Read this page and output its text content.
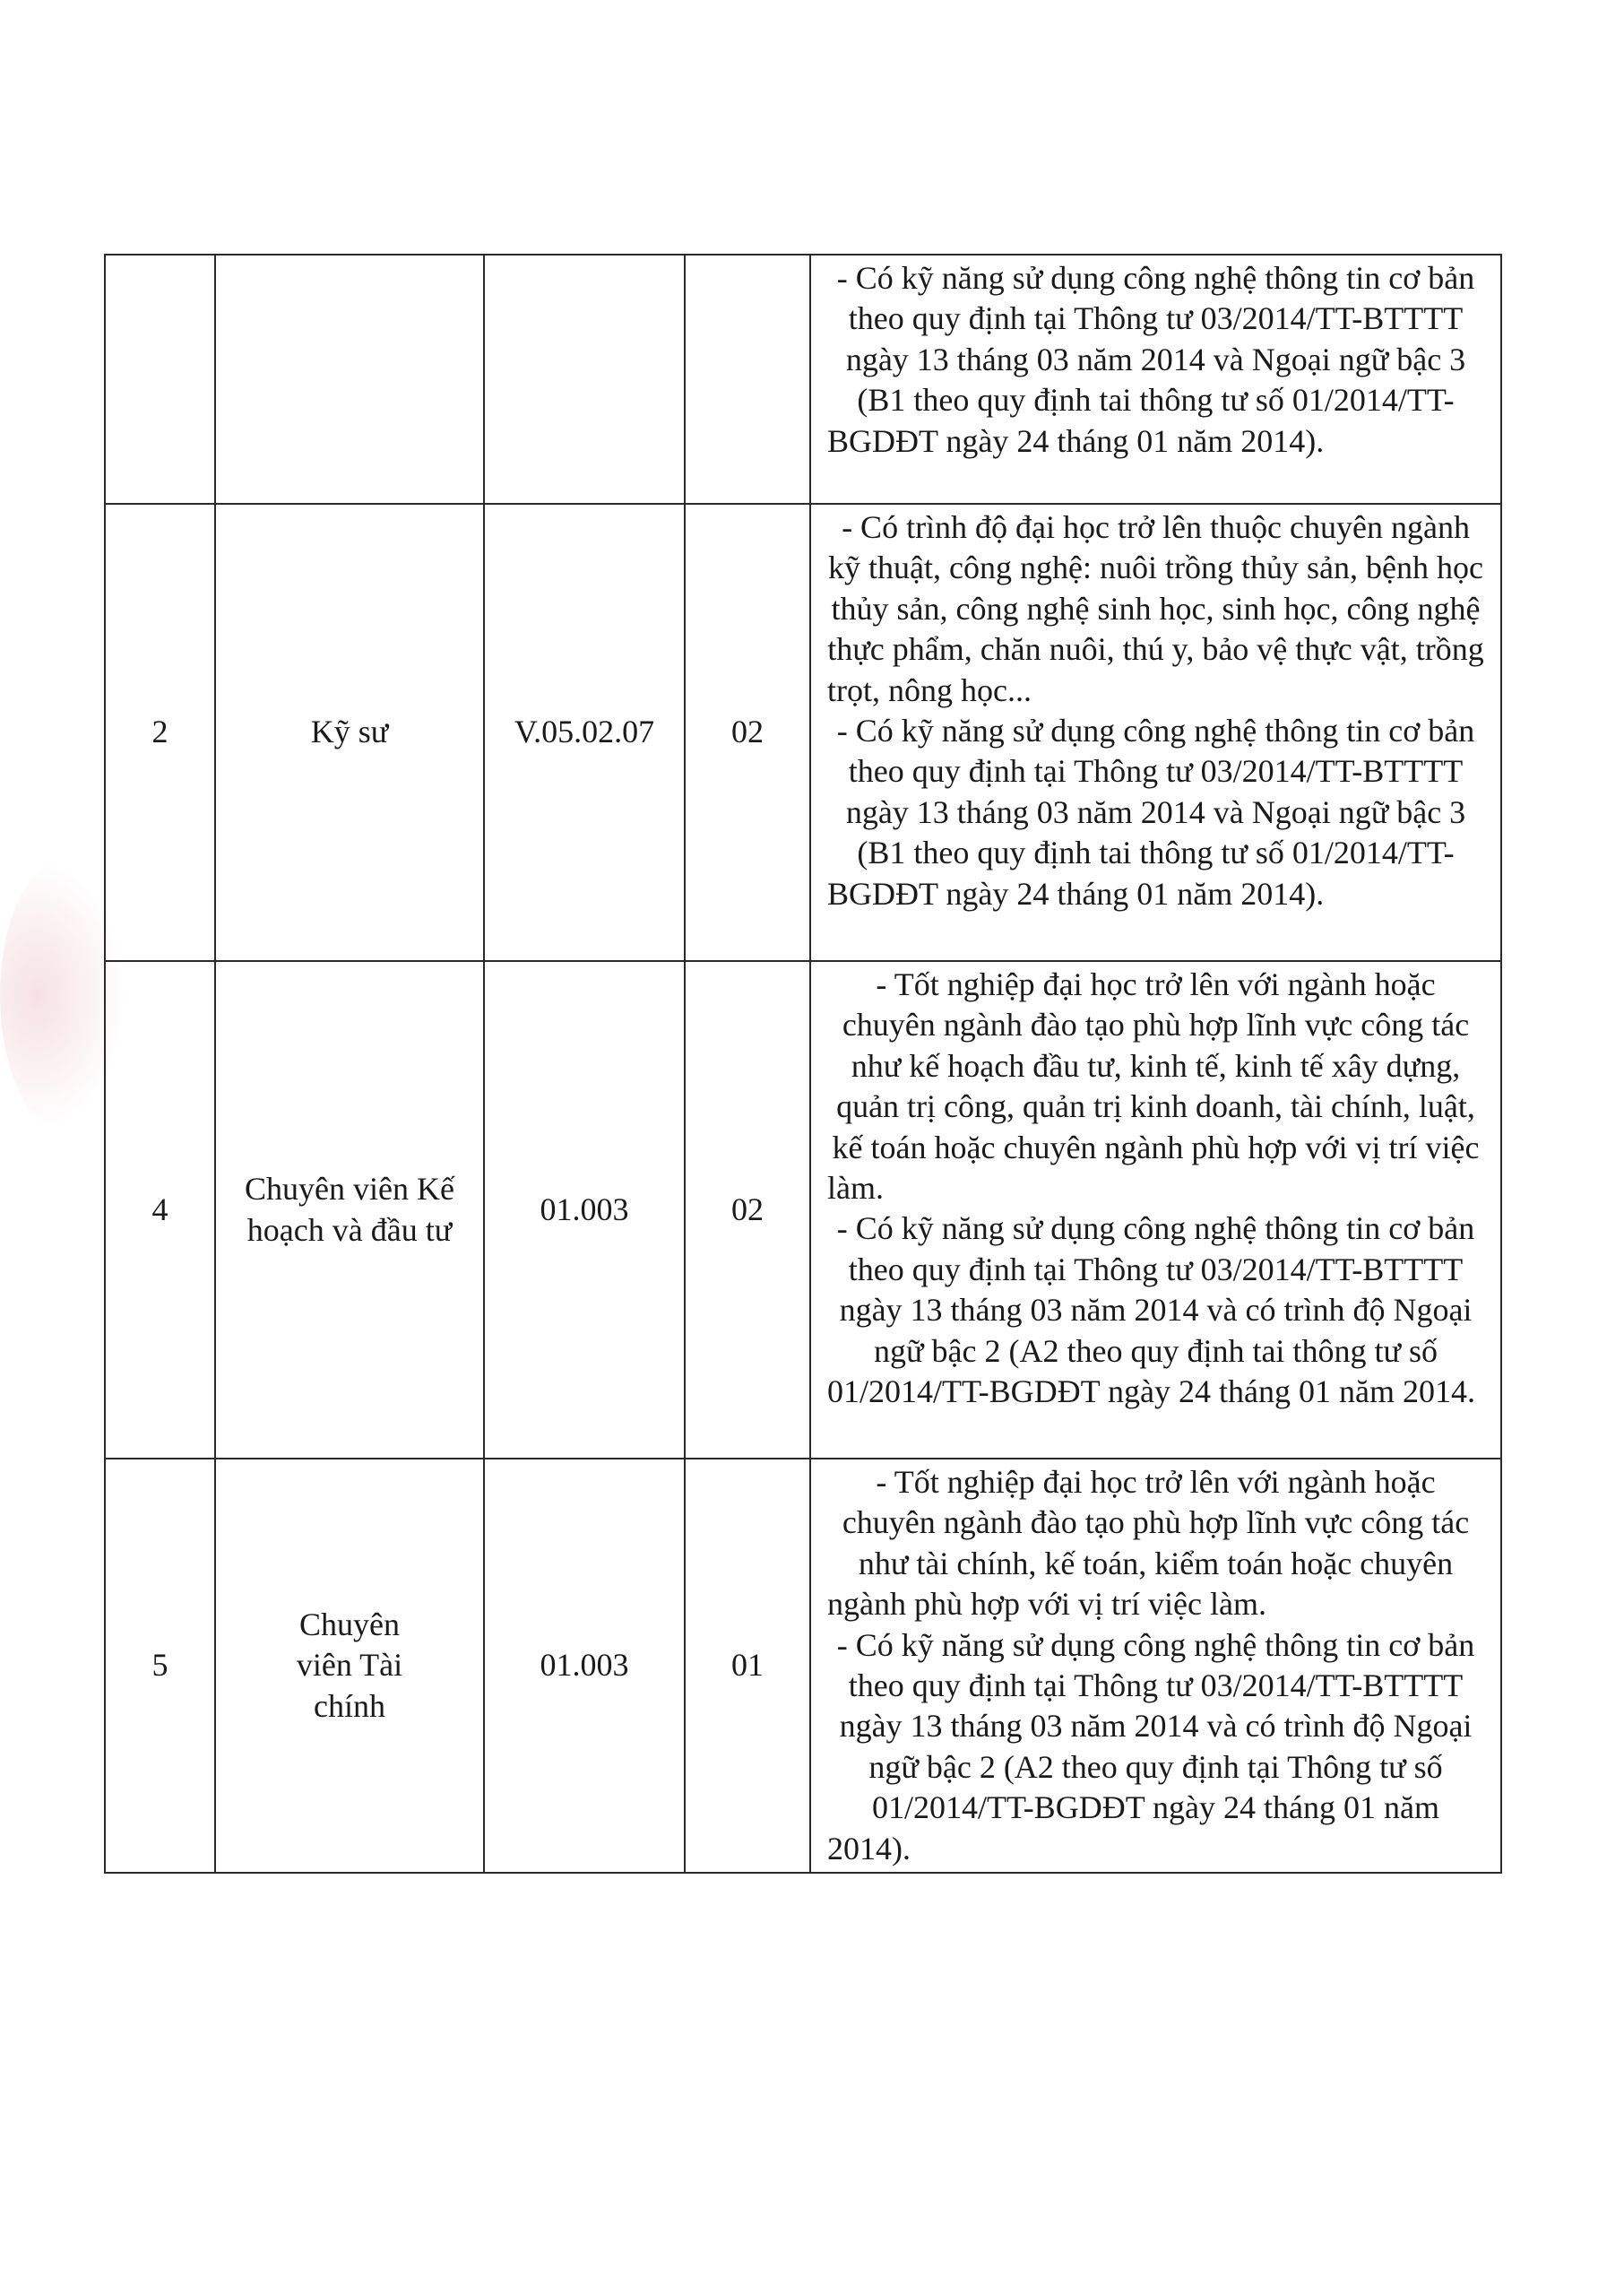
				- Có kỹ năng sử dụng công nghệ thông tin cơ bản theo quy định tại Thông tư 03/2014/TT-BTTTT ngày 13 tháng 03 năm 2014 và Ngoại ngữ bậc 3 (B1 theo quy định tai thông tư số 01/2014/TT-BGDĐT ngày 24 tháng 01 năm 2014).

2	Kỹ sư	V.05.02.07	02	- Có trình độ đại học trở lên thuộc chuyên ngành kỹ thuật, công nghệ: nuôi trồng thủy sản, bệnh học thủy sản, công nghệ sinh học, sinh học, công nghệ thực phẩm, chăn nuôi, thú y, bảo vệ thực vật, trồng trọt, nông học...

- Có kỹ năng sử dụng công nghệ thông tin cơ bản theo quy định tại Thông tư 03/2014/TT-BTTTT ngày 13 tháng 03 năm 2014 và Ngoại ngữ bậc 3 (B1 theo quy định tai thông tư số 01/2014/TT-BGDĐT ngày 24 tháng 01 năm 2014).

4	Chuyên viên Kế hoạch và đầu tư	01.003	02	- Tốt nghiệp đại học trở lên với ngành hoặc chuyên ngành đào tạo phù hợp lĩnh vực công tác như kế hoạch đầu tư, kinh tế, kinh tế xây dựng, quản trị công, quản trị kinh doanh, tài chính, luật, kế toán hoặc chuyên ngành phù hợp với vị trí việc làm.

- Có kỹ năng sử dụng công nghệ thông tin cơ bản theo quy định tại Thông tư 03/2014/TT-BTTTT ngày 13 tháng 03 năm 2014 và có trình độ Ngoại ngữ bậc 2 (A2 theo quy định tai thông tư số 01/2014/TT-BGDĐT ngày 24 tháng 01 năm 2014.

5	Chuyên viên Tài chính	01.003	01	- Tốt nghiệp đại học trở lên với ngành hoặc chuyên ngành đào tạo phù hợp lĩnh vực công tác như tài chính, kế toán, kiểm toán hoặc chuyên ngành phù hợp với vị trí việc làm.

- Có kỹ năng sử dụng công nghệ thông tin cơ bản theo quy định tại Thông tư 03/2014/TT-BTTTT ngày 13 tháng 03 năm 2014 và có trình độ Ngoại ngữ bậc 2 (A2 theo quy định tại Thông tư số 01/2014/TT-BGDĐT ngày 24 tháng 01 năm 2014).
